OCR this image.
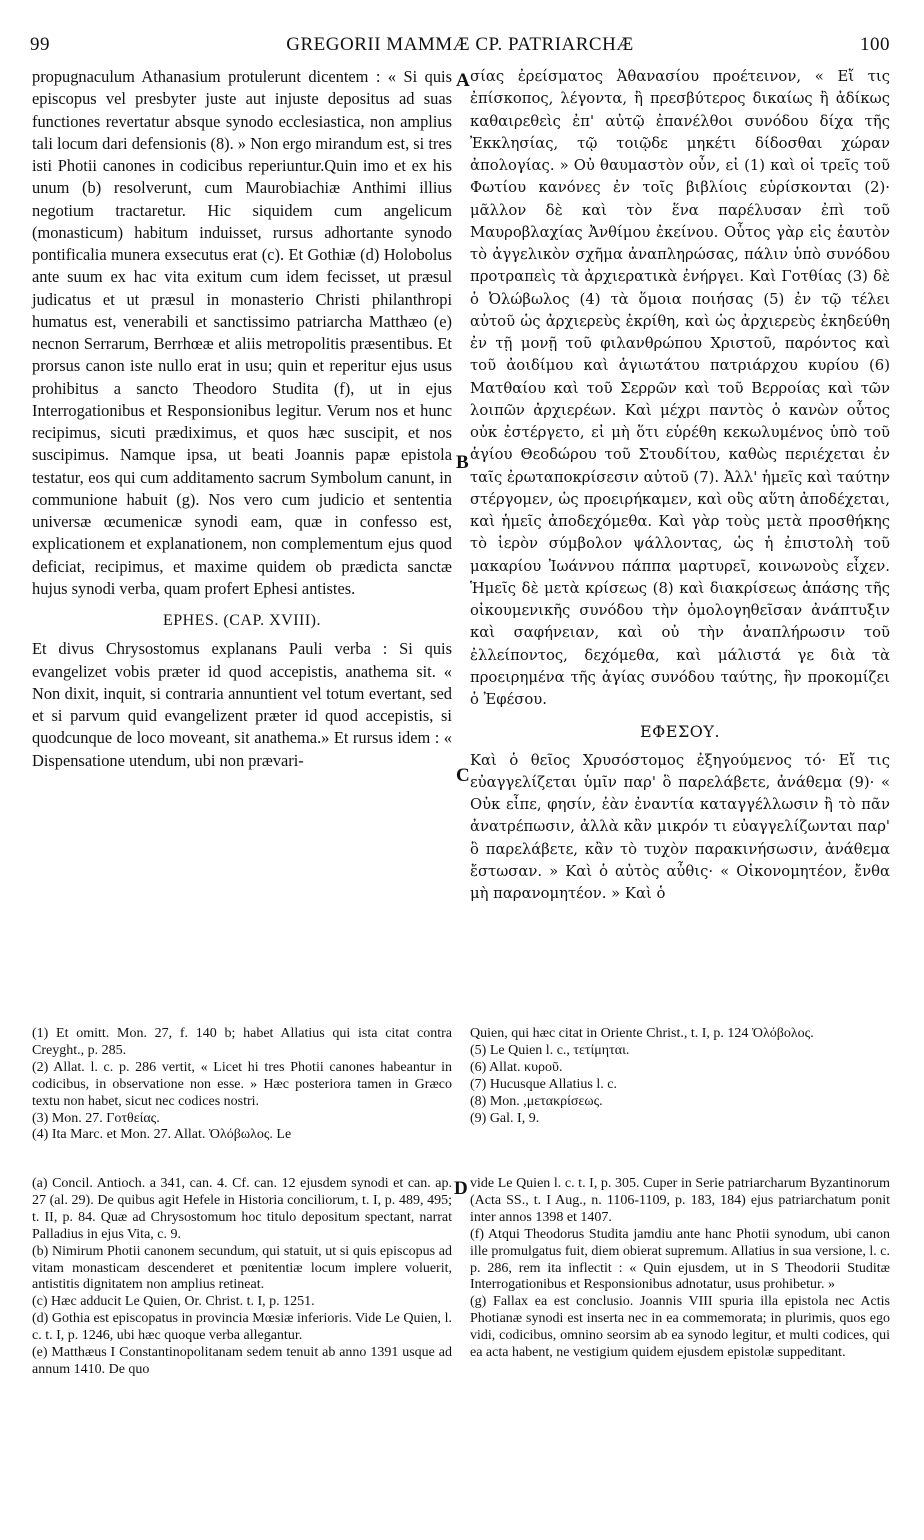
99	GREGORII MAMMÆ CP. PATRIARCHÆ	100
A
B
C
D

propugnaculum Athanasium protulerunt dicentem : « Si quis episcopus vel presbyter juste aut injuste depositus ad suas functiones revertatur absque synodo ecclesiastica, non amplius tali locum dari defensionis (8). » Non ergo mirandum est, si tres isti Photii canones in codicibus reperiuntur.Quin imo et ex his unum (b) resolverunt, cum Maurobiachiæ Anthimi illius negotium tractaretur. Hic siquidem cum angelicum (monasticum) habitum induisset, rursus adhortante synodo pontificalia munera exsecutus erat (c). Et Gothiæ (d) Holobolus ante suum ex hac vita exitum cum idem fecisset, ut præsul judicatus et ut præsul in monasterio Christi philanthropi humatus est, venerabili et sanctissimo patriarcha Matthæo (e) necnon Serrarum, Berrhœæ et aliis metropolitis præsentibus. Et prorsus canon iste nullo erat in usu; quin et reperitur ejus usus prohibitus a sancto Theodoro Studita (f), ut in ejus Interrogationibus et Responsionibus legitur. Verum nos et hunc recipimus, sicuti prædiximus, et quos hæc suscipit, et nos suscipimus. Namque ipsa, ut beati Joannis papæ epistola testatur, eos qui cum additamento sacrum Symbolum canunt, in communione habuit (g). Nos vero cum judicio et sententia universæ œcumenicæ synodi eam, quæ in confesso est, explicationem et explanationem, non complementum ejus quod deficiat, recipimus, et maxime quidem ob prædicta sanctæ hujus synodi verba, quam profert Ephesi antistes.

EPHES. (CAP. XVIII).

Et divus Chrysostomus explanans Pauli verba : Si quis evangelizet vobis præter id quod accepistis, anathema sit. « Non dixit, inquit, si contraria annuntient vel totum evertant, sed et si parvum quid evangelizent præter id quod accepistis, si quodcunque de loco moveant, sit anathema.» Et rursus idem : « Dispensatione utendum, ubi non prævari-

σίας ἐρείσματος Ἀθανασίου προέτεινον, « Εἴ τις ἐπίσκοπος, λέγοντα, ἢ πρεσβύτερος δικαίως ἢ ἀδίκως καθαιρεθεὶς ἐπ' αὐτῷ ἐπανέλθοι συνόδου δίχα τῆς Ἐκκλησίας, τῷ τοιῷδε μηκέτι δίδοσθαι χώραν ἀπολογίας. » Οὐ θαυμαστὸν οὖν, εἰ (1) καὶ οἱ τρεῖς τοῦ Φωτίου κανόνες ἐν τοῖς βιβλίοις εὑρίσκονται (2)· μᾶλλον δὲ καὶ τὸν ἕνα παρέλυσαν ἐπὶ τοῦ Μαυροβλαχίας Ἀνθίμου ἐκείνου. Οὗτος γὰρ εἰς ἑαυτὸν τὸ ἀγγελικὸν σχῆμα ἀναπληρώσας, πάλιν ὑπὸ συνόδου προτραπεὶς τὰ ἀρχιερατικὰ ἐνήργει. Καὶ Γοτθίας (3) δὲ ὁ Ὀλώβωλος (4) τὰ ὅμοια ποιήσας (5) ἐν τῷ τέλει αὐτοῦ ὡς ἀρχιερεὺς ἐκρίθη, καὶ ὡς ἀρχιερεὺς ἐκηδεύθη ἐν τῇ μονῇ τοῦ φιλανθρώπου Χριστοῦ, παρόντος καὶ τοῦ ἀοιδίμου καὶ ἁγιωτάτου πατριάρχου κυρίου (6) Ματθαίου καὶ τοῦ Σερρῶν καὶ τοῦ Βερροίας καὶ τῶν λοιπῶν ἀρχιερέων. Καὶ μέχρι παντὸς ὁ κανὼν οὗτος οὐκ ἐστέργετο, εἰ μὴ ὅτι εὑρέθη κεκωλυμένος ὑπὸ τοῦ ἁγίου Θεοδώρου τοῦ Στουδίτου, καθὼς περιέχεται ἐν ταῖς ἐρωταποκρίσεσιν αὐτοῦ (7). Ἀλλ' ἡμεῖς καὶ ταύτην στέργομεν, ὡς προειρήκαμεν, καὶ οὓς αὕτη ἀποδέχεται, καὶ ἡμεῖς ἀποδεχόμεθα. Καὶ γὰρ τοὺς μετὰ προσθήκης τὸ ἱερὸν σύμβολον ψάλλοντας, ὡς ἡ ἐπιστολὴ τοῦ μακαρίου Ἰωάννου πάππα μαρτυρεῖ, κοινωνοὺς εἶχεν. Ἡμεῖς δὲ μετὰ κρίσεως (8) καὶ διακρίσεως ἁπάσης τῆς οἰκουμενικῆς συνόδου τὴν ὁμολογηθεῖσαν ἀνάπτυξιν καὶ σαφήνειαν, καὶ οὐ τὴν ἀναπλήρωσιν τοῦ ἐλλείποντος, δεχόμεθα, καὶ μάλιστά γε διὰ τὰ προειρημένα τῆς ἁγίας συνόδου ταύτης, ἣν προκομίζει ὁ Ἐφέσου.

ΕΦΕΣΟΥ.

Καὶ ὁ θεῖος Χρυσόστομος ἐξηγούμενος τό· Εἴ τις εὐαγγελίζεται ὑμῖν παρ' ὃ παρελάβετε, ἀνάθεμα (9)· « Οὐκ εἶπε, φησίν, ἐὰν ἐναντία καταγγέλλωσιν ἢ τὸ πᾶν ἀνατρέπωσιν, ἀλλὰ κἂν μικρόν τι εὐαγγελίζωνται παρ' ὃ παρελάβετε, κἂν τὸ τυχὸν παρακινήσωσιν, ἀνάθεμα ἔστωσαν. » Καὶ ὁ αὐτὸς αὖθις· « Οἰκονομητέον, ἔνθα μὴ παρανομητέον. » Καὶ ὁ

(1) Et omitt. Mon. 27, f. 140 b; habet Allatius qui ista citat contra Creyght., p. 285.

(2) Allat. l. c. p. 286 vertit, « Licet hi tres Photii canones habeantur in codicibus, in observatione non esse. » Hæc posteriora tamen in Græco textu non habet, sicut nec codices nostri.

(3) Mon. 27. Γοτθείας.

(4) Ita Marc. et Mon. 27. Allat. Ὀλόβωλος. Le

Quien, qui hæc citat in Oriente Christ., t. I, p. 124 Ὀλόβολος.

(5) Le Quien l. c., τετίμηται.

(6) Allat. κυροῦ.

(7) Hucusque Allatius l. c.

(8) Mon. ,μετακρίσεως.

(9) Gal. I, 9.

(a) Concil. Antioch. a 341, can. 4. Cf. can. 12 ejusdem synodi et can. ap. 27 (al. 29). De quibus agit Hefele in Historia conciliorum, t. I, p. 489, 495; t. II, p. 84. Quæ ad Chrysostomum hoc titulo depositum spectant, narrat Palladius in ejus Vita, c. 9.

(b) Nimirum Photii canonem secundum, qui statuit, ut si quis episcopus ad vitam monasticam descenderet et pœnitentiæ locum implere voluerit, antistitis dignitatem non amplius retineat.

(c) Hæc adducit Le Quien, Or. Christ. t. I, p. 1251.

(d) Gothia est episcopatus in provincia Mœsiæ inferioris. Vide Le Quien, l. c. t. I, p. 1246, ubi hæc quoque verba allegantur.

(e) Matthæus I Constantinopolitanam sedem tenuit ab anno 1391 usque ad annum 1410. De quo

vide Le Quien l. c. t. I, p. 305. Cuper in Serie patriarcharum Byzantinorum (Acta SS., t. I Aug., n. 1106-1109, p. 183, 184) ejus patriarchatum ponit inter annos 1398 et 1407.

(f) Atqui Theodorus Studita jamdiu ante hanc Photii synodum, ubi canon ille promulgatus fuit, diem obierat supremum. Allatius in sua versione, l. c. p. 286, rem ita inflectit : « Quin ejusdem, ut in S Theodorii Studitæ Interrogationibus et Responsionibus adnotatur, usus prohibetur. »

(g) Fallax ea est conclusio. Joannis VIII spuria illa epistola nec Actis Photianæ synodi est inserta nec in ea commemorata; in plurimis, quos ego vidi, codicibus, omnino seorsim ab ea synodo legitur, et multi codices, qui ea acta habent, ne vestigium quidem ejusdem epistolæ suppeditant.
